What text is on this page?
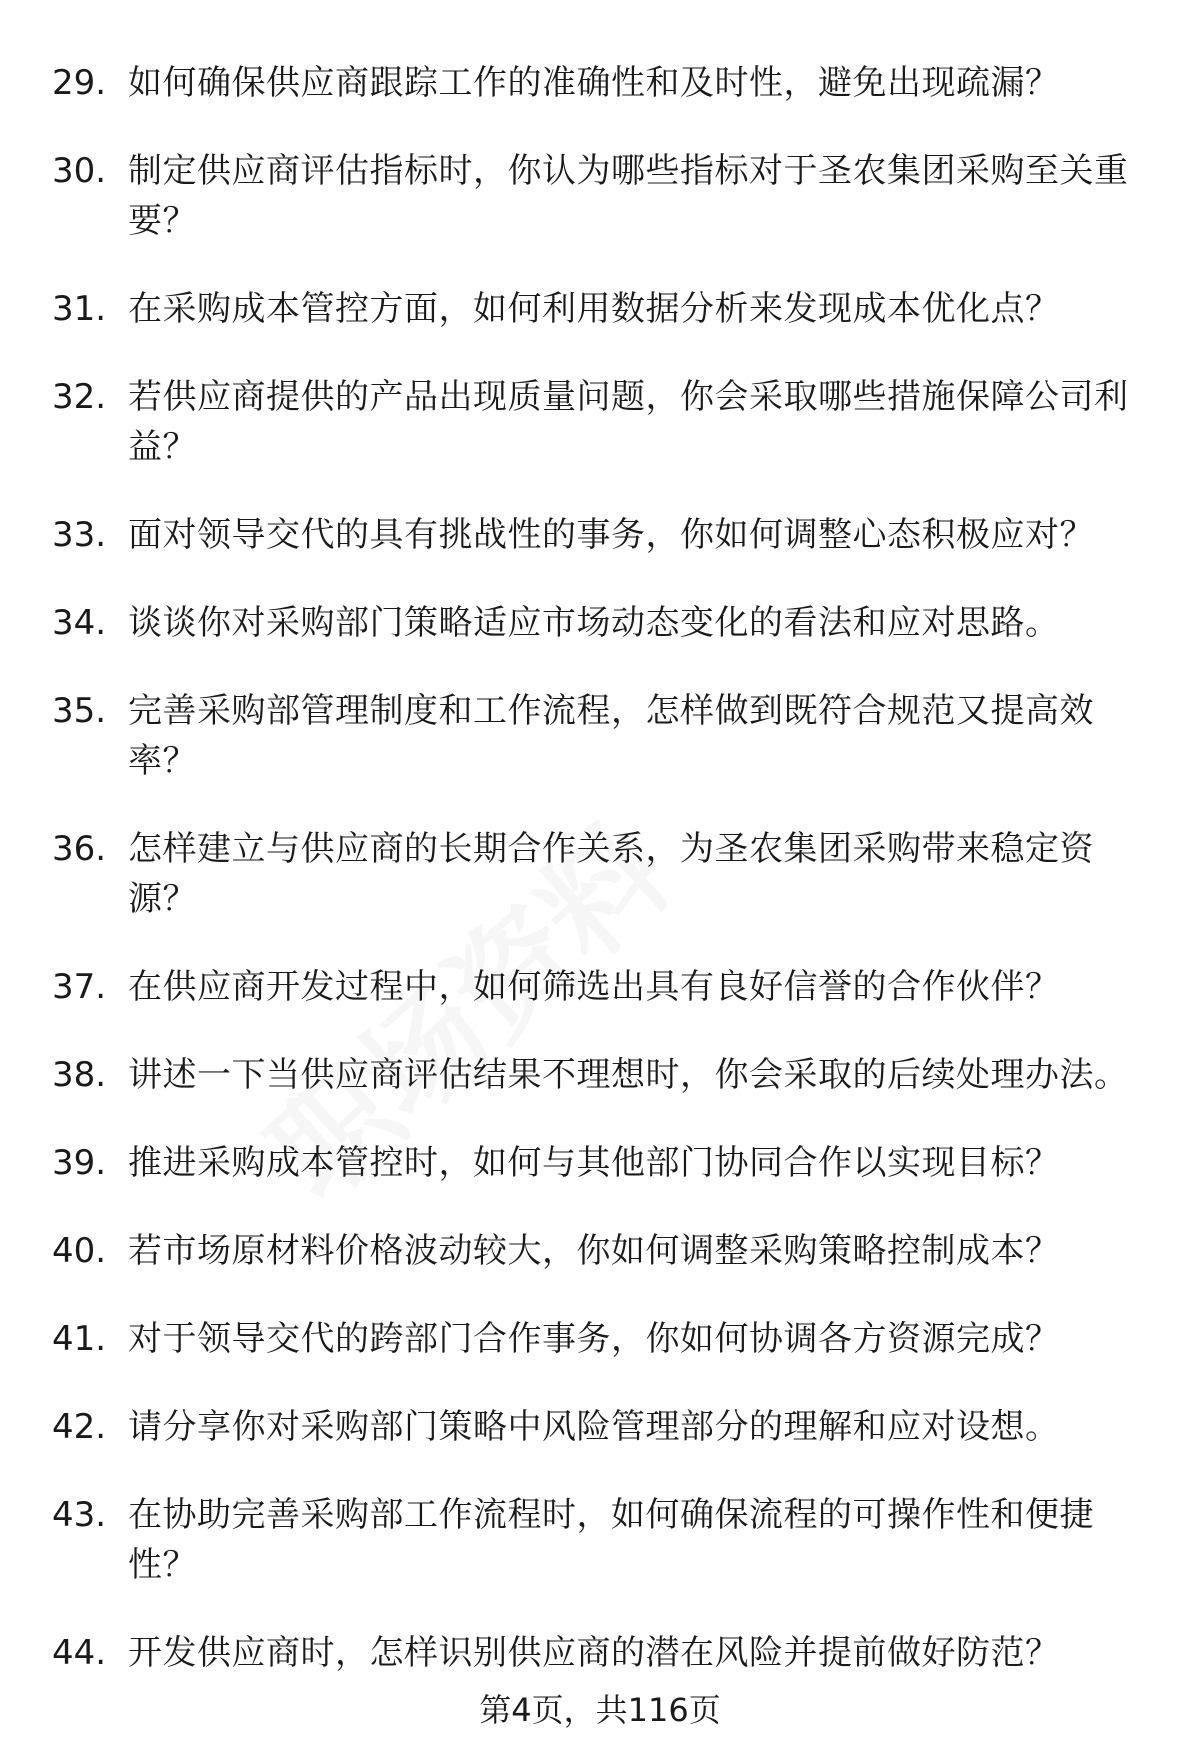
29. 如何确保供应商跟踪工作的准确性和及时性，避免出现疏漏？
30. 制定供应商评估指标时，你认为哪些指标对于圣农集团采购至关重要？
31. 在采购成本管控方面，如何利用数据分析来发现成本优化点？
32. 若供应商提供的产品出现质量问题，你会采取哪些措施保障公司利益？
33. 面对领导交代的具有挑战性的事务，你如何调整心态积极应对？
34. 谈谈你对采购部门策略适应市场动态变化的看法和应对思路。
35. 完善采购部管理制度和工作流程，怎样做到既符合规范又提高效率？
36. 怎样建立与供应商的长期合作关系，为圣农集团采购带来稳定资源？
37. 在供应商开发过程中，如何筛选出具有良好信誉的合作伙伴？
38. 讲述一下当供应商评估结果不理想时，你会采取的后续处理办法。
39. 推进采购成本管控时，如何与其他部门协同合作以实现目标？
40. 若市场原材料价格波动较大，你如何调整采购策略控制成本？
41. 对于领导交代的跨部门合作事务，你如何协调各方资源完成？
42. 请分享你对采购部门策略中风险管理部分的理解和应对设想。
43. 在协助完善采购部工作流程时，如何确保流程的可操作性和便捷性？
44. 开发供应商时，怎样识别供应商的潜在风险并提前做好防范？
第4页，共116页
